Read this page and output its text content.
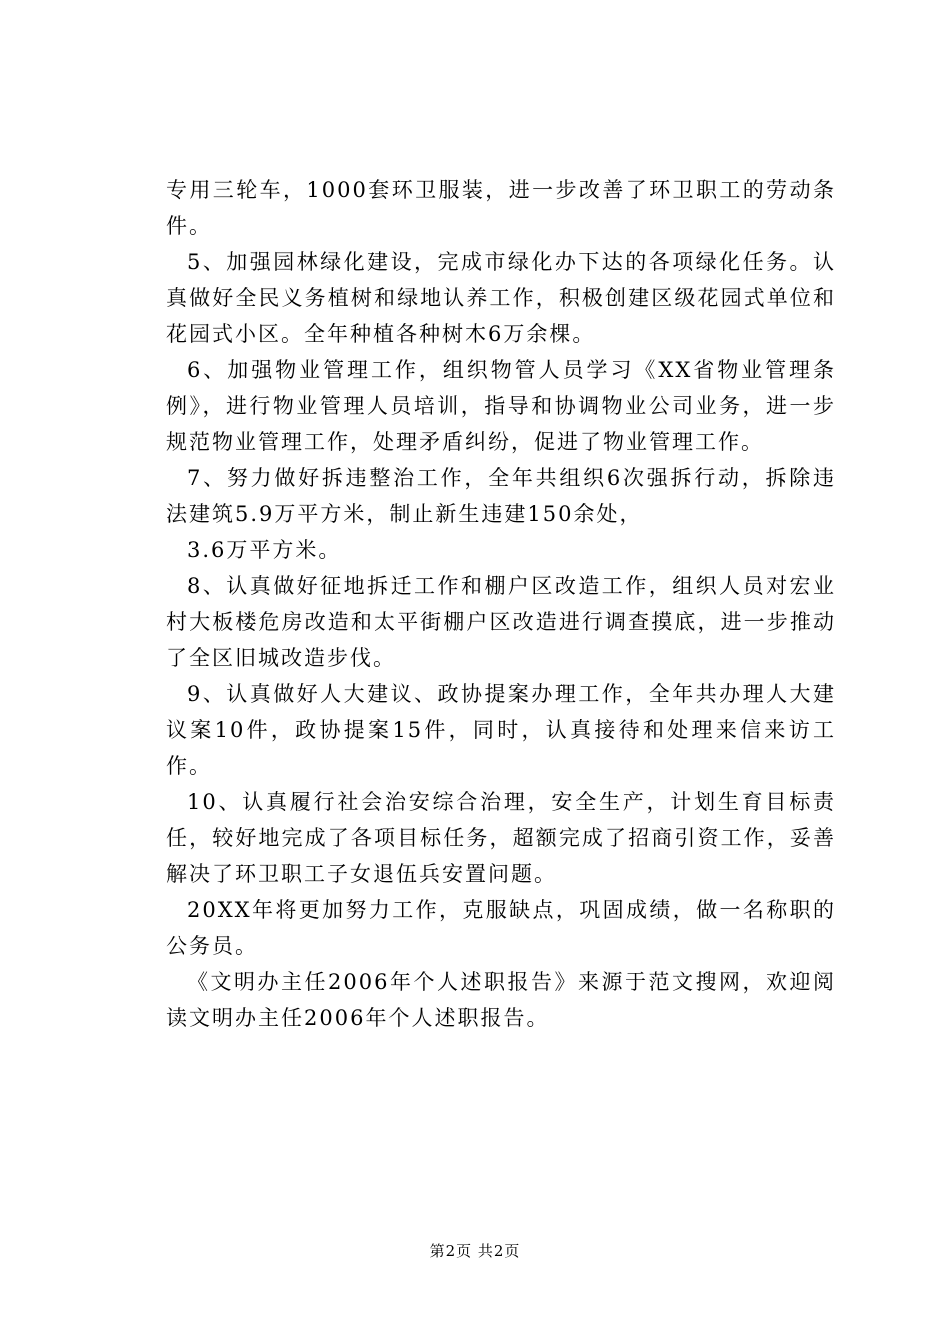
专用三轮车，1000套环卫服装，进一步改善了环卫职工的劳动条件。

5、加强园林绿化建设，完成市绿化办下达的各项绿化任务。认真做好全民义务植树和绿地认养工作，积极创建区级花园式单位和花园式小区。全年种植各种树木6万余棵。

6、加强物业管理工作，组织物管人员学习《XX省物业管理条例》，进行物业管理人员培训，指导和协调物业公司业务，进一步规范物业管理工作，处理矛盾纠纷，促进了物业管理工作。

7、努力做好拆违整治工作，全年共组织6次强拆行动，拆除违法建筑5.9万平方米，制止新生违建150余处，

3.6万平方米。

8、认真做好征地拆迁工作和棚户区改造工作，组织人员对宏业村大板楼危房改造和太平街棚户区改造进行调查摸底，进一步推动了全区旧城改造步伐。

9、认真做好人大建议、政协提案办理工作，全年共办理人大建议案10件，政协提案15件，同时，认真接待和处理来信来访工作。

10、认真履行社会治安综合治理，安全生产，计划生育目标责任，较好地完成了各项目标任务，超额完成了招商引资工作，妥善解决了环卫职工子女退伍兵安置问题。

20XX年将更加努力工作，克服缺点，巩固成绩，做一名称职的公务员。

《文明办主任2006年个人述职报告》来源于范文搜网，欢迎阅读文明办主任2006年个人述职报告。

第2页 共2页
